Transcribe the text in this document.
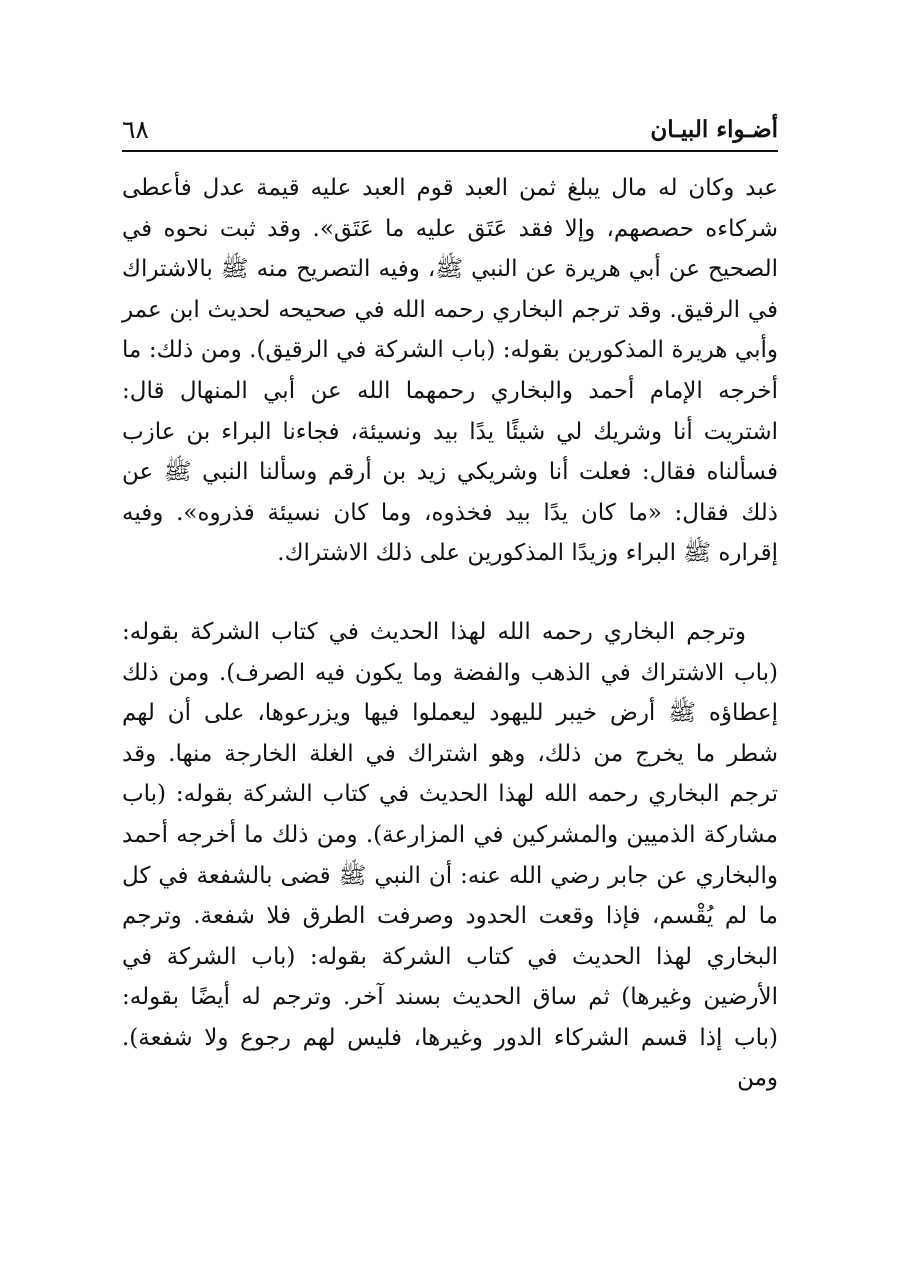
أضـواء البيـان
٦٨

عبد وكان له مال يبلغ ثمن العبد قوم العبد عليه قيمة عدل فأعطى شركاءه حصصهم، وإلا فقد عَتَق عليه ما عَتَق». وقد ثبت نحوه في الصحيح عن أبي هريرة عن النبي ﷺ، وفيه التصريح منه ﷺ بالاشتراك في الرقيق. وقد ترجم البخاري رحمه الله في صحيحه لحديث ابن عمر وأبي هريرة المذكورين بقوله: (باب الشركة في الرقيق). ومن ذلك: ما أخرجه الإمام أحمد والبخاري رحمهما الله عن أبي المنهال قال: اشتريت أنا وشريك لي شيئًا يدًا بيد ونسيئة، فجاءنا البراء بن عازب فسألناه فقال: فعلت أنا وشريكي زيد بن أرقم وسألنا النبي ﷺ عن ذلك فقال: «ما كان يدًا بيد فخذوه، وما كان نسيئة فذروه». وفيه إقراره ﷺ البراء وزيدًا المذكورين على ذلك الاشتراك.

وترجم البخاري رحمه الله لهذا الحديث في كتاب الشركة بقوله: (باب الاشتراك في الذهب والفضة وما يكون فيه الصرف). ومن ذلك إعطاؤه ﷺ أرض خيبر لليهود ليعملوا فيها ويزرعوها، على أن لهم شطر ما يخرج من ذلك، وهو اشتراك في الغلة الخارجة منها. وقد ترجم البخاري رحمه الله لهذا الحديث في كتاب الشركة بقوله: (باب مشاركة الذميين والمشركين في المزارعة). ومن ذلك ما أخرجه أحمد والبخاري عن جابر رضي الله عنه: أن النبي ﷺ قضى بالشفعة في كل ما لم يُقْسم، فإذا وقعت الحدود وصرفت الطرق فلا شفعة. وترجم البخاري لهذا الحديث في كتاب الشركة بقوله: (باب الشركة في الأرضين وغيرها) ثم ساق الحديث بسند آخر. وترجم له أيضًا بقوله: (باب إذا قسم الشركاء الدور وغيرها، فليس لهم رجوع ولا شفعة). ومن
